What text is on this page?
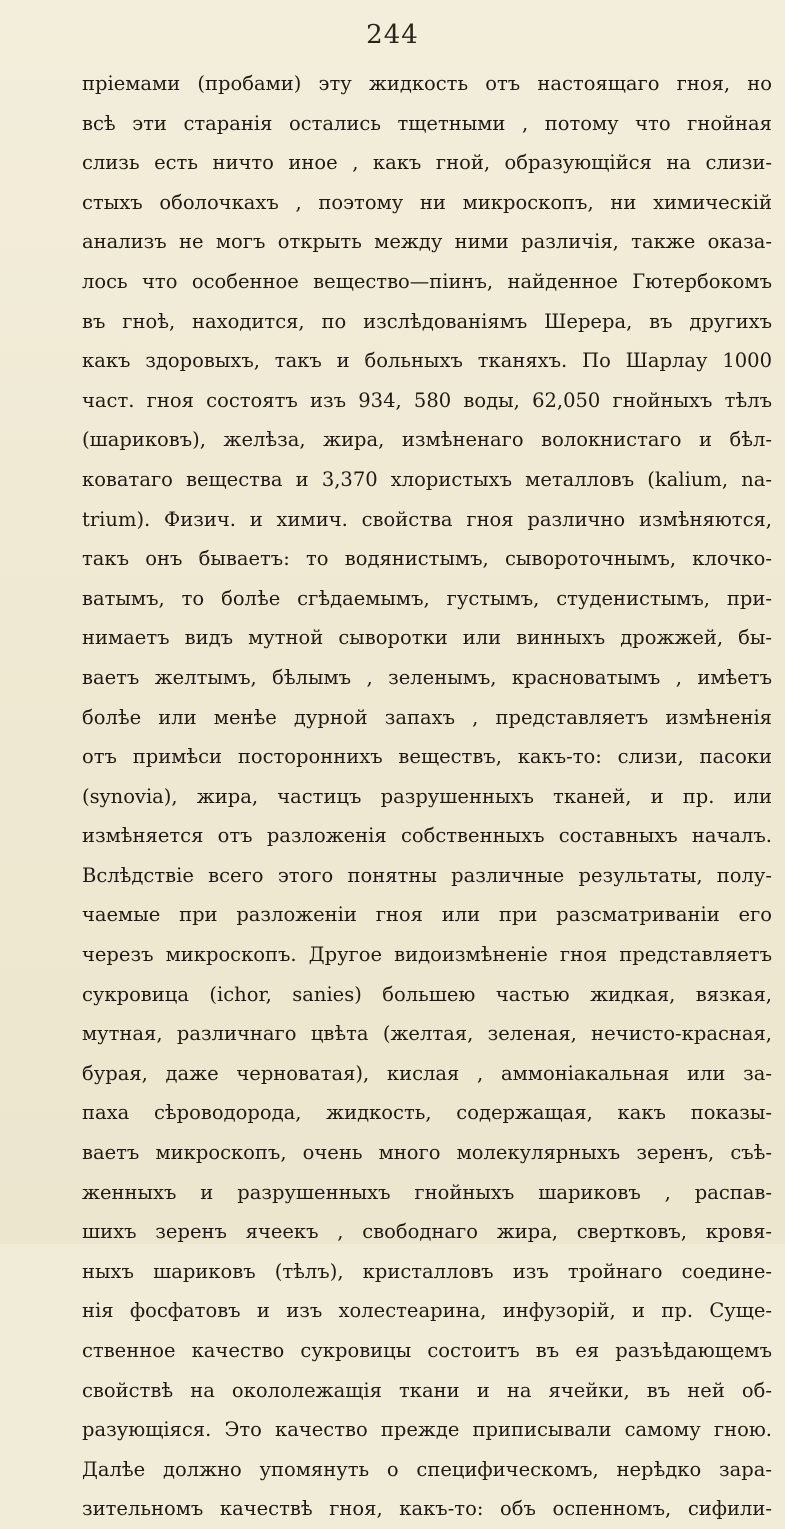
244
пріемами (пробами) эту жидкость отъ настоящаго гноя, но
всѣ эти старанія остались тщетными , потому что гнойная
слизь есть ничто иное , какъ гной, образующійся на слизи-
стыхъ оболочкахъ , поэтому ни микроскопъ, ни химическій
анализъ не могъ открыть между ними различія, также оказа-
лось что особенное вещество—піинъ, найденное Гютербокомъ
въ гноѣ, находится, по изслѣдованіямъ Шерера, въ другихъ
какъ здоровыхъ, такъ и больныхъ тканяхъ. По Шарлау 1000
част. гноя состоятъ изъ 934, 580 воды, 62,050 гнойныхъ тѣлъ
(шариковъ), желѣза, жира, измѣненаго волокнистаго и бѣл-
коватаго вещества и 3,370 хлористыхъ металловъ (kalium, na-
trium). Физич. и химич. свойства гноя различно измѣняются,
такъ онъ бываетъ: то водянистымъ, сывороточнымъ, клочко-
ватымъ, то болѣе сгѣдаемымъ, густымъ, студенистымъ, при-
нимаетъ видъ мутной сыворотки или винныхъ дрожжей, бы-
ваетъ желтымъ, бѣлымъ , зеленымъ, красноватымъ , имѣетъ
болѣе или менѣе дурной запахъ , представляетъ измѣненія
отъ примѣси постороннихъ веществъ, какъ-то: слизи, пасоки
(synovia), жира, частицъ разрушенныхъ тканей, и пр. или
измѣняется отъ разложенія собственныхъ составныхъ началъ.
Вслѣдствіе всего этого понятны различные результаты, полу-
чаемые при разложеніи гноя или при разсматриваніи его
черезъ микроскопъ. Другое видоизмѣненіе гноя представляетъ
сукровица (ichor, sanies) большею частью жидкая, вязкая,
мутная, различнаго цвѣта (желтая, зеленая, нечисто-красная,
бурая, даже черноватая), кислая , аммоніакальная или за-
паха сѣроводорода, жидкость, содержащая, какъ показы-
ваетъ микроскопъ, очень много молекулярныхъ зеренъ, съѣ-
женныхъ и разрушенныхъ гнойныхъ шариковъ , распав-
шихъ зеренъ ячеекъ , свободнаго жира, свертковъ, кровя-
ныхъ шариковъ (тѣлъ), кристалловъ изъ тройнаго соедине-
нія фосфатовъ и изъ холестеарина, инфузорій, и пр. Суще-
ственное качество сукровицы состоитъ въ ея разъѣдающемъ
свойствѣ на окололежащія ткани и на ячейки, въ ней об-
разующіяся. Это качество прежде приписывали самому гною.
Далѣе должно упомянуть о специфическомъ, нерѣдко зара-
зительномъ качествѣ гноя, какъ-то: объ оспенномъ, сифили-
